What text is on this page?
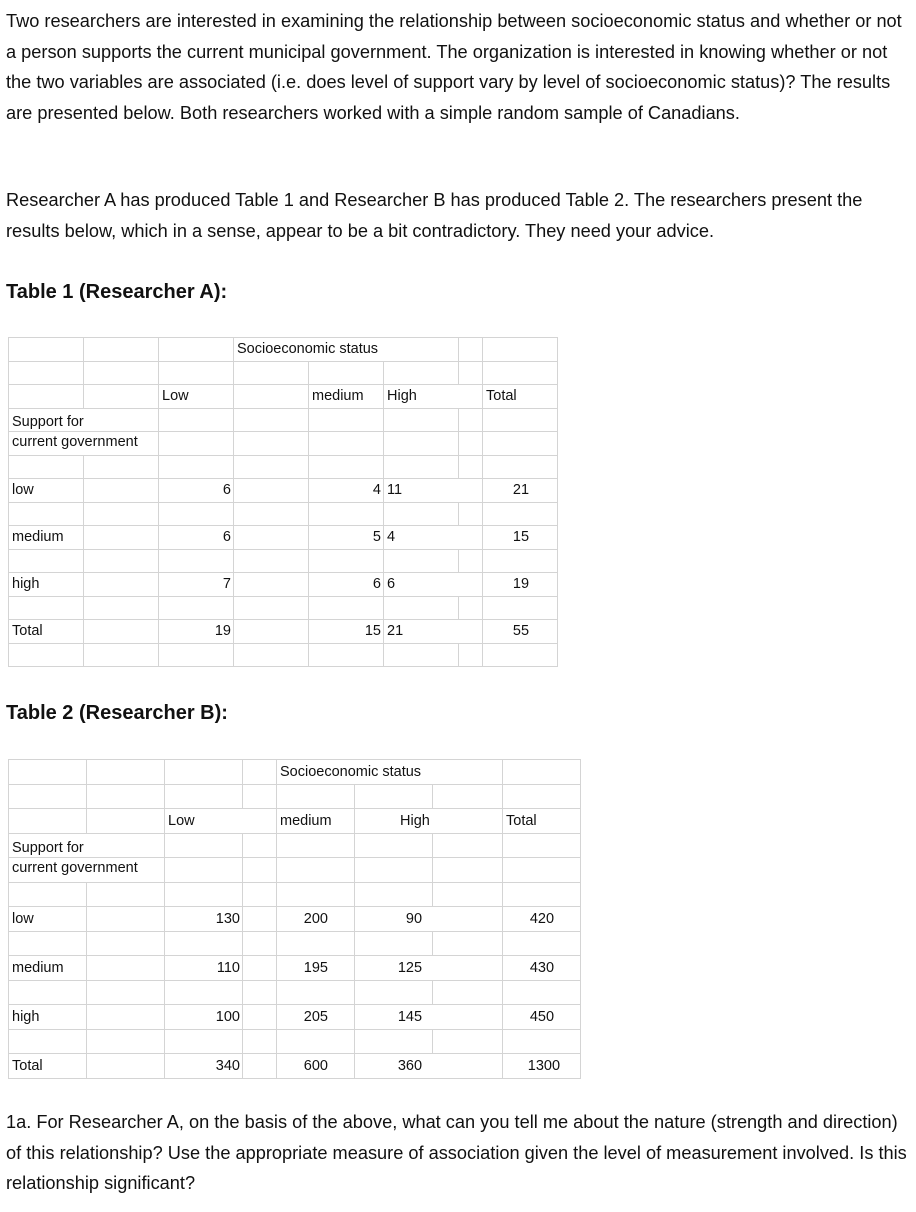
Two researchers are interested in examining the relationship between socioeconomic status and whether or not a person supports the current municipal government. The organization is interested in knowing whether or not the two variables are associated (i.e. does level of support vary by level of socioeconomic status)? The results are presented below. Both researchers worked with a simple random sample of Canadians.

Researcher A has produced Table 1 and Researcher B has produced Table 2. The researchers present the results below, which in a sense, appear to be a bit contradictory. They need your advice.

Table 1 (Researcher A):
			Socioeconomic status				

		Low		medium	High		Total
Support for							
current government							

low		6		4	11		21

medium		6		5	4		15

high		7		6	6		19

Total		19		15	21		55

Table 2 (Researcher B):
				Socioeconomic status			

		Low		medium	High		Total
Support for							
current government							

low		130		200	90		420

medium		110		195	125		430

high		100		205	145		450

Total		340		600	360		1300

1a. For Researcher A, on the basis of the above, what can you tell me about the nature (strength and direction) of this relationship? Use the appropriate measure of association given the level of measurement involved. Is this relationship significant?
